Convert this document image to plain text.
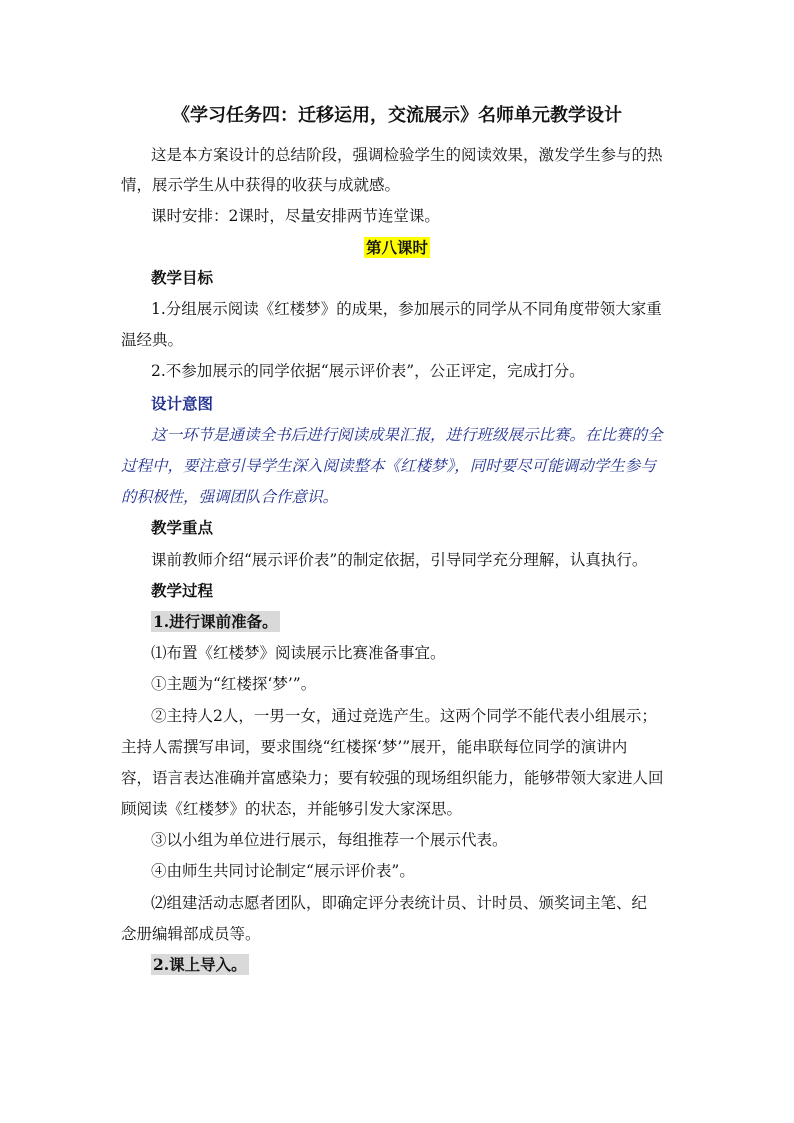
《学习任务四：迁移运用，交流展示》名师单元教学设计
这是本方案设计的总结阶段，强调检验学生的阅读效果，激发学生参与的热
情，展示学生从中获得的收获与成就感。
课时安排：2课时，尽量安排两节连堂课。
第八课时
教学目标
1.分组展示阅读《红楼梦》的成果，参加展示的同学从不同角度带领大家重
温经典。
2.不参加展示的同学依据“展示评价表”，公正评定，完成打分。
设计意图
这一环节是通读全书后进行阅读成果汇报，进行班级展示比赛。在比赛的全
过程中，要注意引导学生深入阅读整本《红楼梦》，同时要尽可能调动学生参与
的积极性，强调团队合作意识。
教学重点
课前教师介绍“展示评价表”的制定依据，引导同学充分理解，认真执行。
教学过程
1.进行课前准备。
⑴布置《红楼梦》阅读展示比赛准备事宜。
①主题为“红楼探‘梦’”。
②主持人2人，一男一女，通过竞选产生。这两个同学不能代表小组展示；
主持人需撰写串词，要求围绕“红楼探‘梦’”展开，能串联每位同学的演讲内
容，语言表达准确并富感染力；要有较强的现场组织能力，能够带领大家进人回
顾阅读《红楼梦》的状态，并能够引发大家深思。
③以小组为单位进行展示，每组推荐一个展示代表。
④由师生共同讨论制定“展示评价表”。
⑵组建活动志愿者团队，即确定评分表统计员、计时员、颁奖词主笔、纪
念册编辑部成员等。
2.课上导入。
